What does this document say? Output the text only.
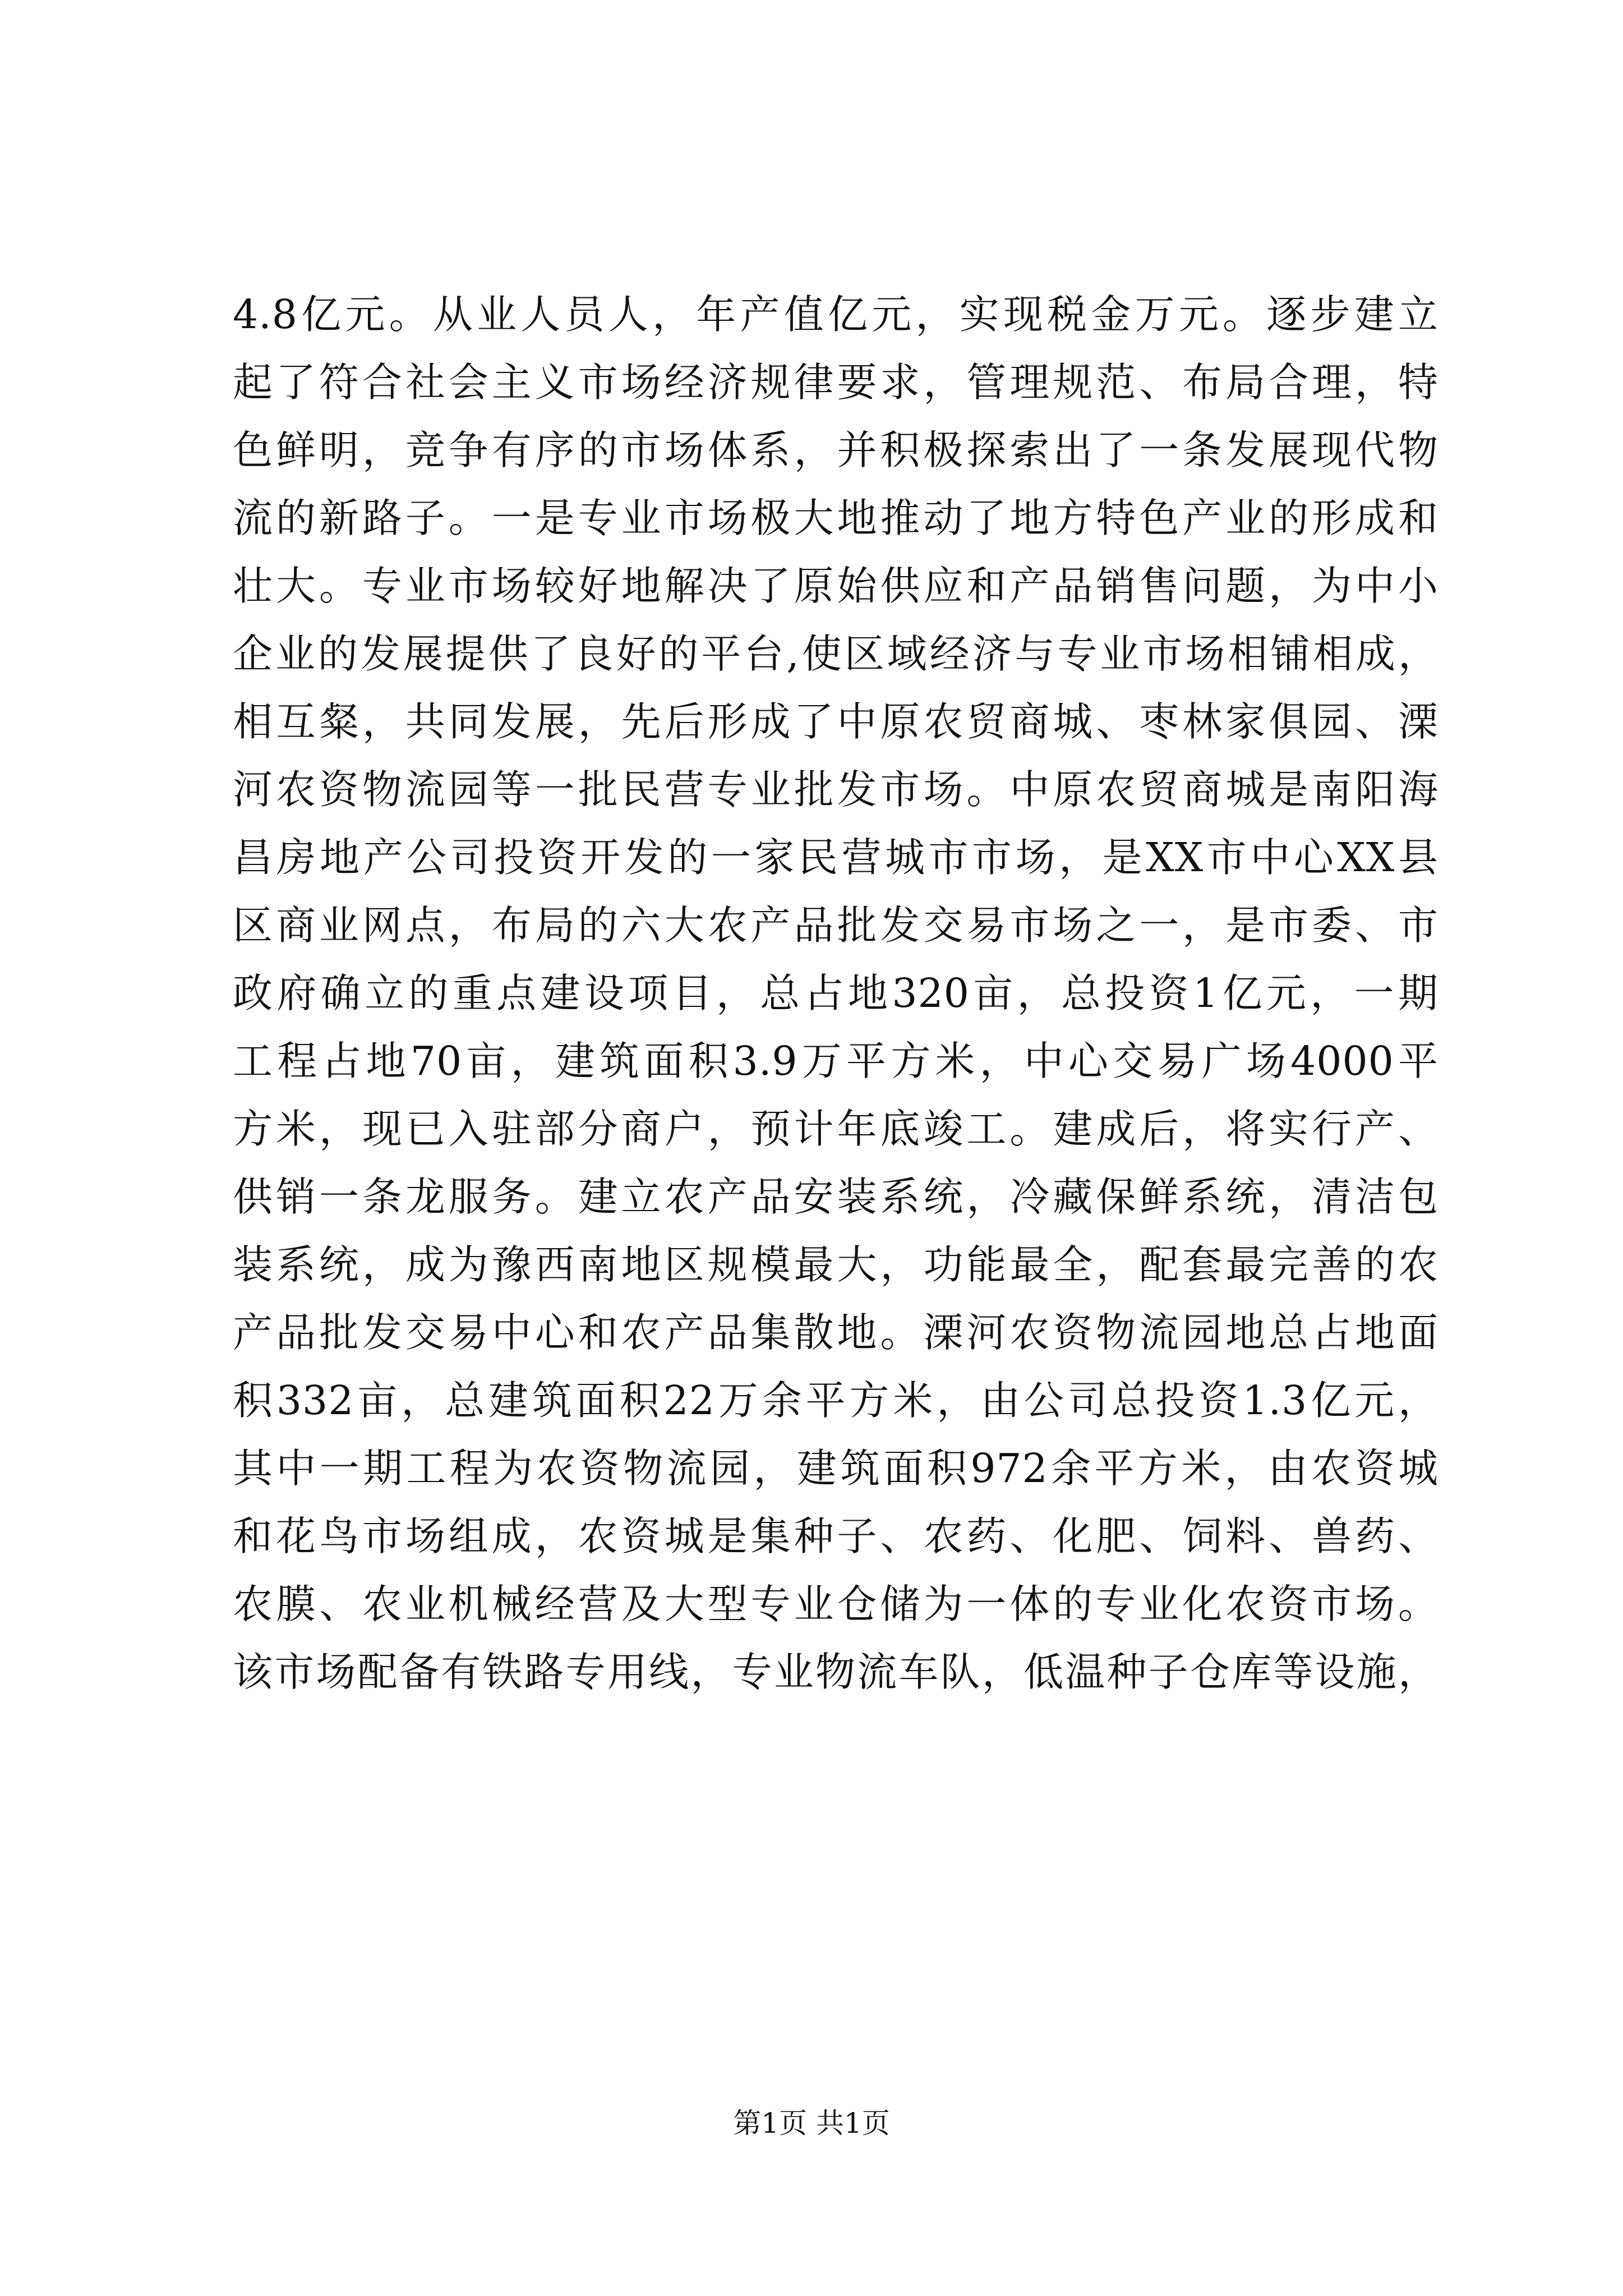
4.8亿元。从业人员人，年产值亿元，实现税金万元。逐步建立
起了符合社会主义市场经济规律要求，管理规范、布局合理，特
色鲜明，竞争有序的市场体系，并积极探索出了一条发展现代物
流的新路子。一是专业市场极大地推动了地方特色产业的形成和
壮大。专业市场较好地解决了原始供应和产品销售问题，为中小
企业的发展提供了良好的平台,使区域经济与专业市场相铺相成，
相互粲，共同发展，先后形成了中原农贸商城、枣林家俱园、溧
河农资物流园等一批民营专业批发市场。中原农贸商城是南阳海
昌房地产公司投资开发的一家民营城市市场，是XX市中心XX县
区商业网点，布局的六大农产品批发交易市场之一，是市委、市
政府确立的重点建设项目，总占地320亩，总投资1亿元，一期
工程占地70亩，建筑面积3.9万平方米，中心交易广场4000平
方米，现已入驻部分商户，预计年底竣工。建成后，将实行产、
供销一条龙服务。建立农产品安装系统，冷藏保鲜系统，清洁包
装系统，成为豫西南地区规模最大，功能最全，配套最完善的农
产品批发交易中心和农产品集散地。溧河农资物流园地总占地面
积332亩，总建筑面积22万余平方米，由公司总投资1.3亿元，
其中一期工程为农资物流园，建筑面积972余平方米，由农资城
和花鸟市场组成，农资城是集种子、农药、化肥、饲料、兽药、
农膜、农业机械经营及大型专业仓储为一体的专业化农资市场。
该市场配备有铁路专用线，专业物流车队，低温种子仓库等设施，
第1页 共1页
